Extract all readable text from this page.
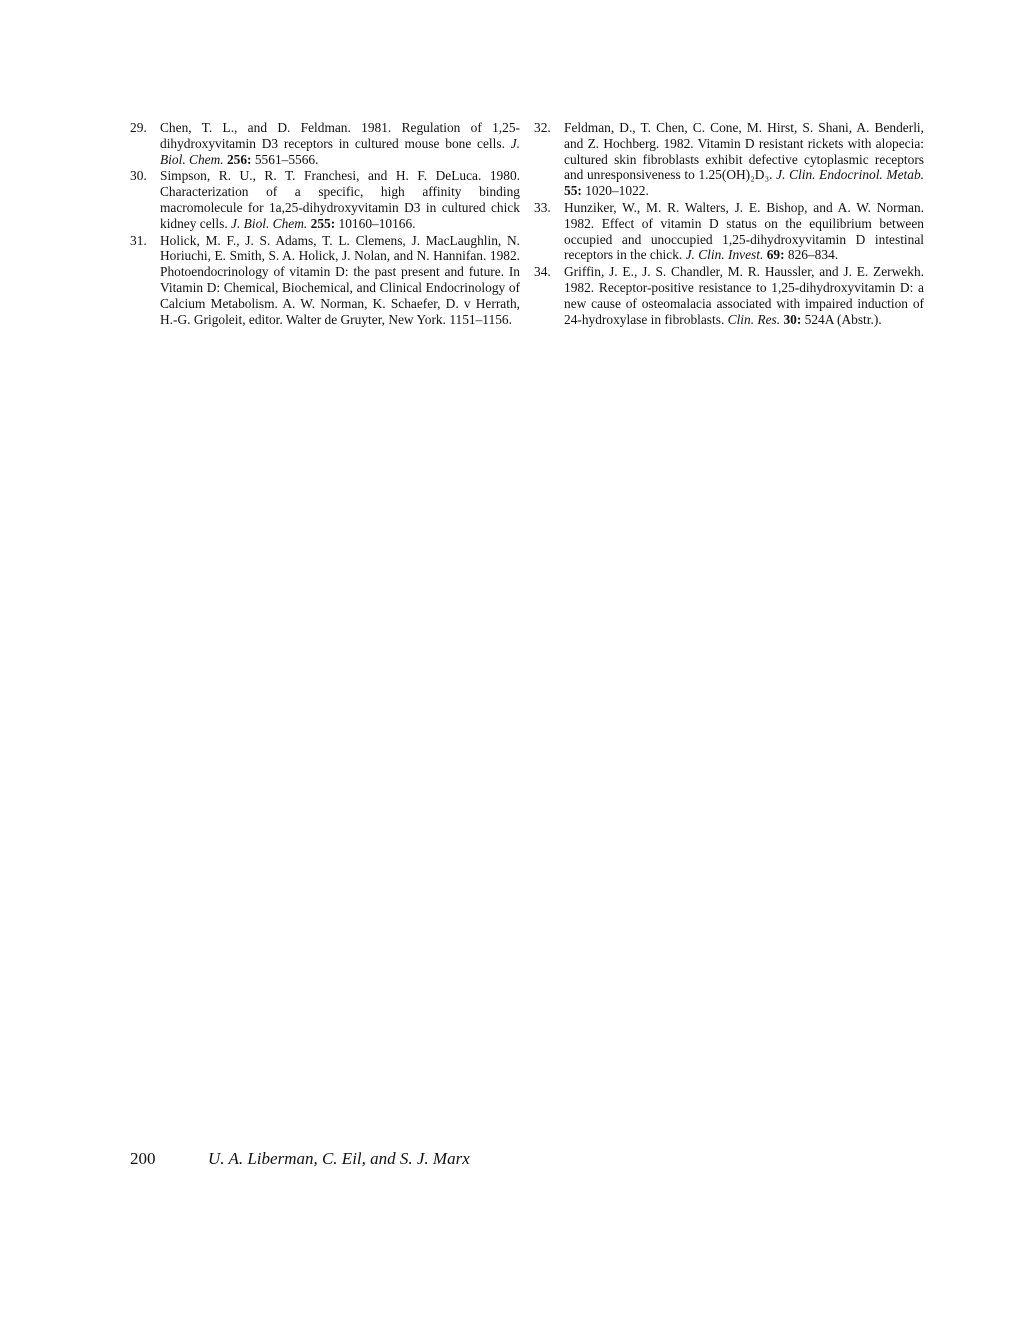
29. Chen, T. L., and D. Feldman. 1981. Regulation of 1,25-dihydroxyvitamin D3 receptors in cultured mouse bone cells. J. Biol. Chem. 256: 5561–5566.
30. Simpson, R. U., R. T. Franchesi, and H. F. DeLuca. 1980. Characterization of a specific, high affinity binding macromolecule for 1a,25-dihydroxyvitamin D3 in cultured chick kidney cells. J. Biol. Chem. 255: 10160–10166.
31. Holick, M. F., J. S. Adams, T. L. Clemens, J. MacLaughlin, N. Horiuchi, E. Smith, S. A. Holick, J. Nolan, and N. Hannifan. 1982. Photoendocrinology of vitamin D: the past present and future. In Vitamin D: Chemical, Biochemical, and Clinical Endocrinology of Calcium Metabolism. A. W. Norman, K. Schaefer, D. v Herrath, H.-G. Grigoleit, editor. Walter de Gruyter, New York. 1151–1156.
32. Feldman, D., T. Chen, C. Cone, M. Hirst, S. Shani, A. Benderli, and Z. Hochberg. 1982. Vitamin D resistant rickets with alopecia: cultured skin fibroblasts exhibit defective cytoplasmic receptors and unresponsiveness to 1.25(OH)₂D₃. J. Clin. Endocrinol. Metab. 55: 1020–1022.
33. Hunziker, W., M. R. Walters, J. E. Bishop, and A. W. Norman. 1982. Effect of vitamin D status on the equilibrium between occupied and unoccupied 1,25-dihydroxyvitamin D intestinal receptors in the chick. J. Clin. Invest. 69: 826–834.
34. Griffin, J. E., J. S. Chandler, M. R. Haussler, and J. E. Zerwekh. 1982. Receptor-positive resistance to 1,25-dihydroxyvitamin D: a new cause of osteomalacia associated with impaired induction of 24-hydroxylase in fibroblasts. Clin. Res. 30: 524A (Abstr.).
200	U. A. Liberman, C. Eil, and S. J. Marx
